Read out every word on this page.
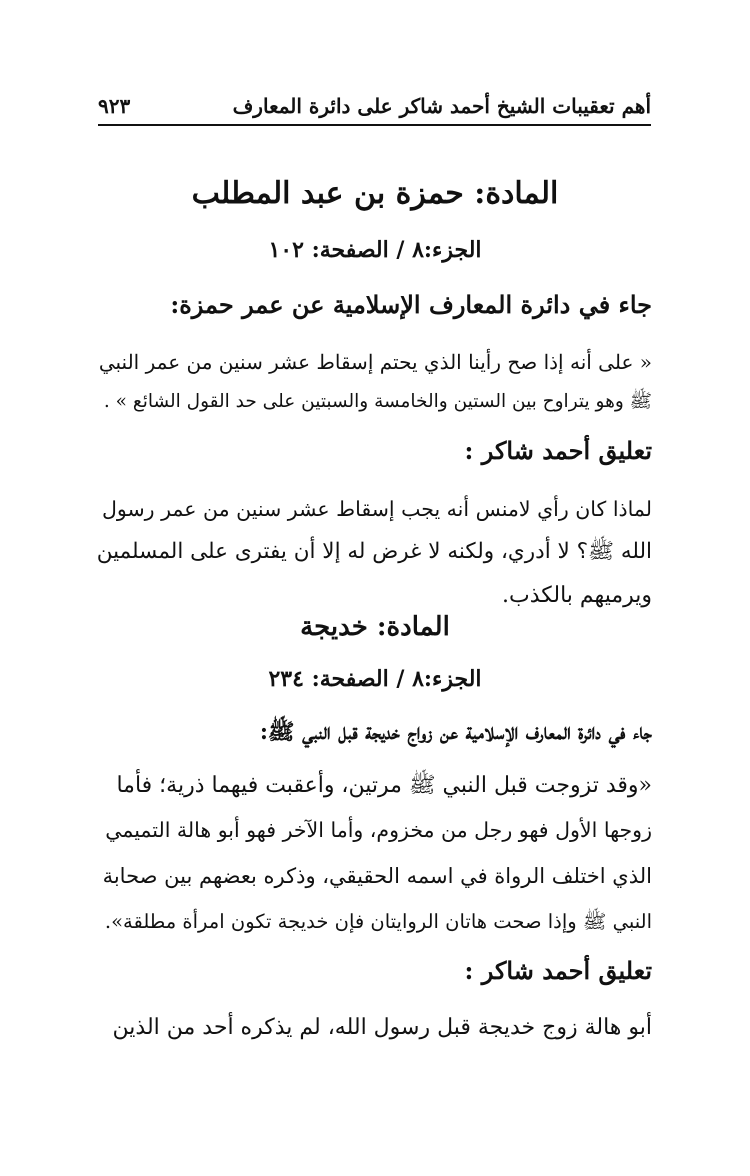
أهم تعقيبات الشيخ أحمد شاكر على دائرة المعارف
٩٢٣
المادة: حمزة بن عبد المطلب
الجزء:٨ / الصفحة: ١٠٢
جاء في دائرة المعارف الإسلامية عن عمر حمزة:
« على أنه إذا صح رأينا الذي يحتم إسقاط عشر سنين من عمر النبي
ﷺ وهو يتراوح بين الستين والخامسة والسبتين على حد القول الشائع » .
تعليق أحمد شاكر :
لماذا كان رأي لامنس أنه يجب إسقاط عشر سنين من عمر رسول
الله ﷺ؟ لا أدري، ولكنه لا غرض له إلا أن يفترى على المسلمين
ويرميهم بالكذب.
المادة: خديجة
الجزء:٨ / الصفحة: ٢٣٤
جاء في دائرة المعارف الإسلامية عن زواج خديجة قبل النبي ﷺ:
«وقد تزوجت قبل النبي ﷺ مرتين، وأعقبت فيهما ذرية؛ فأما
زوجها الأول فهو رجل من مخزوم، وأما الآخر فهو أبو هالة التميمي
الذي اختلف الرواة في اسمه الحقيقي، وذكره بعضهم بين صحابة
النبي ﷺ وإذا صحت هاتان الروايتان فإن خديجة تكون امرأة مطلقة».
تعليق أحمد شاكر :
أبو هالة زوج خديجة قبل رسول الله، لم يذكره أحد من الذين
